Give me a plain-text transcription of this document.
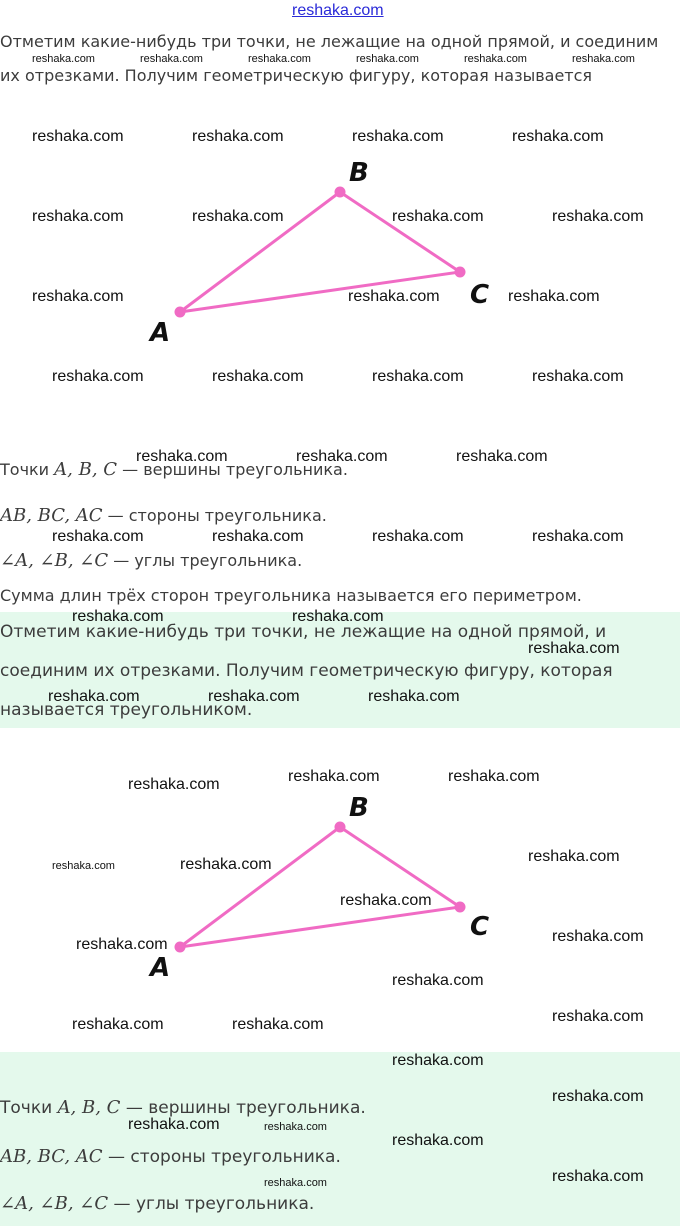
reshaka.com
Отметим какие-нибудь три точки, не лежащие на одной прямой, и соединим
их отрезками. Получим геометрическую фигуру, которая называется
B
C
A
Точки A, B, C — вершины треугольника.
AB, BC, AC — стороны треугольника.
∠A, ∠B, ∠C — углы треугольника.
Сумма длин трёх сторон треугольника называется его периметром.
Отметим какие-нибудь три точки, не лежащие на одной прямой, и
соединим их отрезками. Получим геометрическую фигуру, которая
называется треугольником.
B
C
A
Точки A, B, C — вершины треугольника.
AB, BC, AC — стороны треугольника.
∠A, ∠B, ∠C — углы треугольника.
reshaka.com	reshaka.com	reshaka.com	reshaka.com	reshaka.com	reshaka.com
reshaka.com	reshaka.com	reshaka.com	reshaka.com
reshaka.com	reshaka.com	reshaka.com	reshaka.com
reshaka.com	reshaka.com	reshaka.com
reshaka.com	reshaka.com	reshaka.com	reshaka.com
reshaka.com	reshaka.com	reshaka.com
reshaka.com	reshaka.com	reshaka.com	reshaka.com
reshaka.com	reshaka.com
reshaka.com
reshaka.com	reshaka.com	reshaka.com
reshaka.com	reshaka.com
reshaka.com
reshaka.com	reshaka.com	reshaka.com
reshaka.com
reshaka.com	reshaka.com
reshaka.com
reshaka.com	reshaka.com	reshaka.com
reshaka.com
reshaka.com
reshaka.com	reshaka.com
reshaka.com
reshaka.com
reshaka.com
